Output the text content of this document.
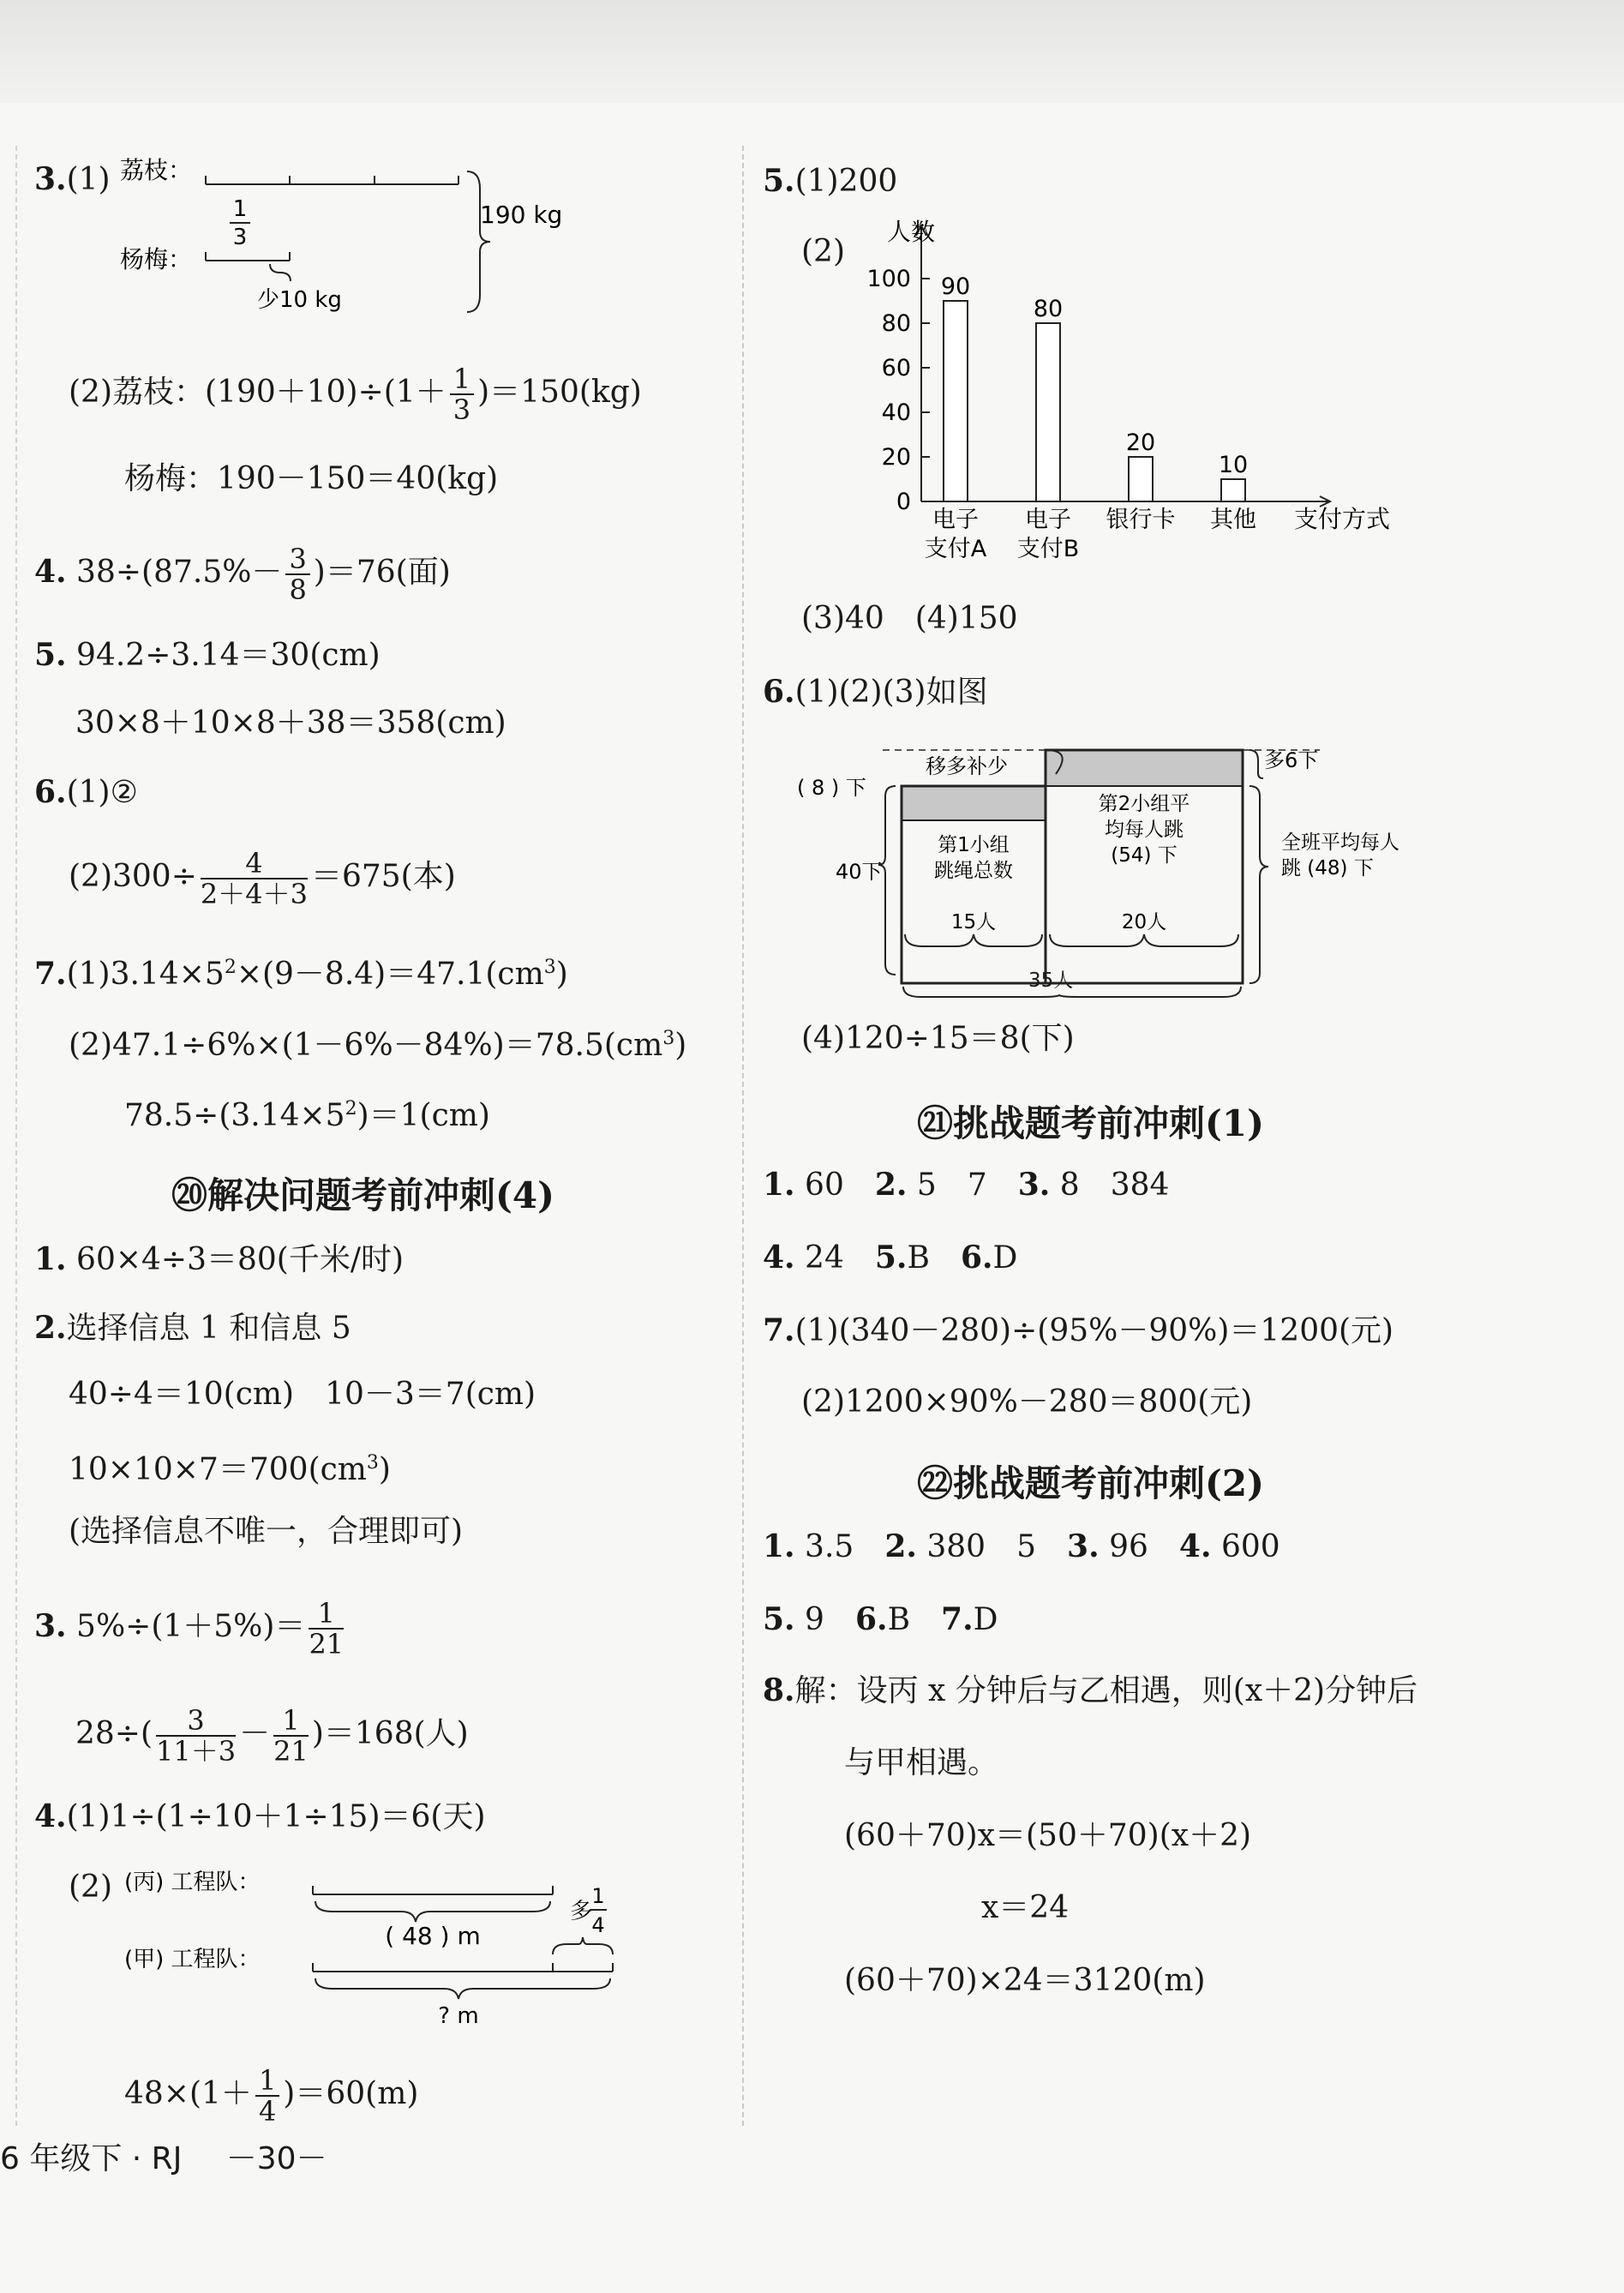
3.(1) 荔枝：
1
3
杨梅：
少10 kg
190 kg
(2)荔枝：$(190+10)\div(1+ \frac{1}{3} )=150(kg)$
杨梅：190－150＝40(kg)
4. $38\div(87.5\%- \frac{3}{8} )=76$(面)
5. 94.2÷3.14＝30(cm)
30×8＋10×8＋38＝358(cm)
6.(1)②
$(2)300\div \frac{4}{2+4+3} =675$(本)
$7.(1)3.14\times 5^2\times(9-8.4)=47.1(cm^3)$
$(2)47.1\div 6\%\times(1-6\%-84\%)=78.5(cm^3)$
$78.5\div(3.14\times 5^2)=1(cm)$
⑳解决问题考前冲刺(4)
1. 60×4÷3＝80(千米/时)
2.选择信息 1 和信息 5
40÷4＝10(cm)　10－3＝7(cm)
$10\times 10\times 7=700(cm^3)$
(选择信息不唯一，合理即可)
3. $5\%\div(1+5\%)= \frac{1}{21}$
$28\div( \frac{3}{11+3} - \frac{1}{21} )=168$(人)
4.(1)1÷(1÷10＋1÷15)＝6(天)
(2) (丙) 工程队：
( 48 ) m
多
1
4
(甲) 工程队：
? m
$48\times(1+ \frac{1}{4} )=60(m)$
5.(1)200
(2)
人数
支付方式
0
20
40
60
80
100 90
电子
支付A
80
电子
支付B
20
银行卡
10
其他
(3)40　(4)150
6.(1)(2)(3)如图
移多补少
( 8 ) 下
40下
第1小组
跳绳总数
第2小组平
均每人跳
(54) 下
多6下
全班平均每人
跳 (48) 下
15人	20人
35人
(4)120÷15＝8(下)
㉑挑战题考前冲刺(1)
1. 60　 2. 5　7　 3. 8　384
4. 24　 5.B　 6.D
7.(1)(340－280)÷(95%－90%)＝1200(元)
(2)1200×90%－280＝800(元)
㉒挑战题考前冲刺(2)
1. 3.5　 2. 380　5　 3. 96　 4. 600
5. 9　 6.B　 7.D
8.解：设丙 x 分钟后与乙相遇，则(x＋2)分钟后
与甲相遇。
(60＋70)x＝(50＋70)(x＋2)
x＝24
(60＋70)×24＝3120(m)
6 年级下 · RJ －30－
